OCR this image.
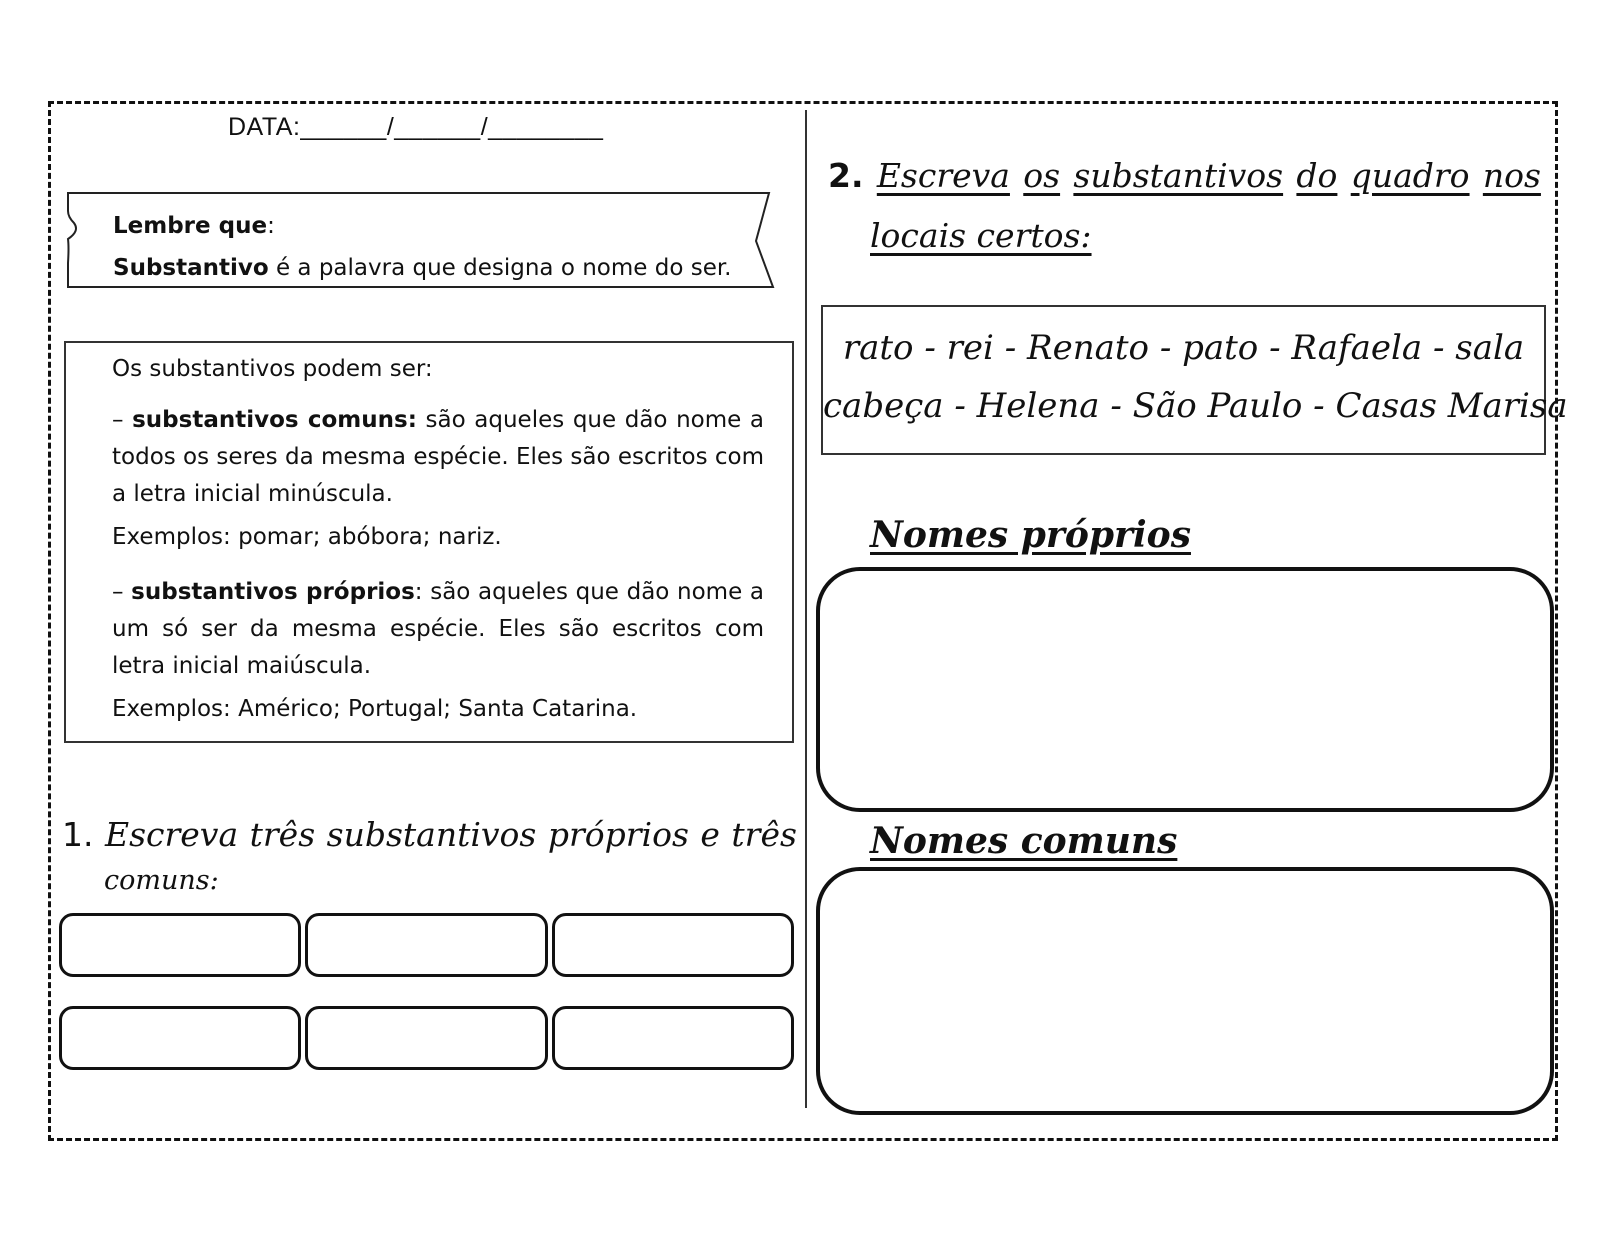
DATA:______/______/________
Lembre que:
Substantivo é a palavra que designa o nome do ser.

Os substantivos podem ser:

– substantivos comuns: são aqueles que dão nome a todos os seres da mesma espécie. Eles são escritos com a letra inicial minúscula.

Exemplos: pomar; abóbora; nariz.

– substantivos próprios: são aqueles que dão nome a um só ser da mesma espécie. Eles são escritos com letra inicial maiúscula.

Exemplos: Américo; Portugal; Santa Catarina.

1. Escreva três substantivos próprios e três
comuns:
2. Escreva os substantivos do quadro nos
locais certos:
rato - rei - Renato - pato - Rafaela - sala
cabeça - Helena - São Paulo - Casas Marisa
Nomes próprios
Nomes comuns
